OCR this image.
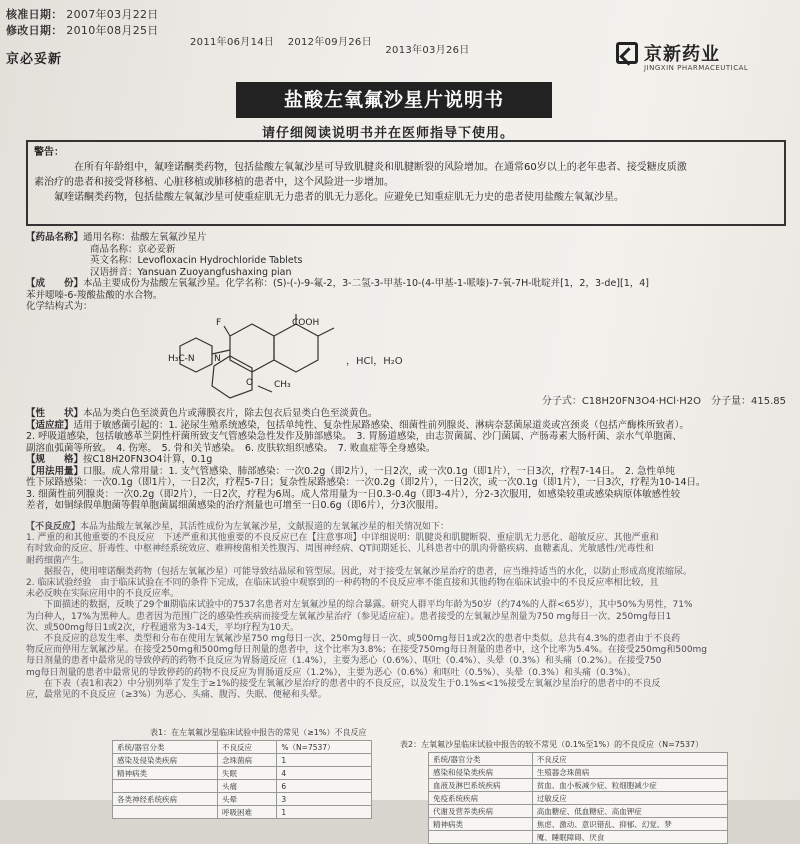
核准日期： 2007年03月22日
修改日期： 2010年08月25日
2011年06月14日 2012年09月26日 2013年03月26日
京必妥新	京新药业
JINGXIN PHARMACEUTICAL
盐酸左氧氟沙星片说明书
请仔细阅读说明书并在医师指导下使用。

警告：

在所有年龄组中，氟喹诺酮类药物，包括盐酸左氧氟沙星可导致肌腱炎和肌腱断裂的风险增加。在通常60岁以上的老年患者、接受糖皮质激

素治疗的患者和接受肾移植、心脏移植或肺移植的患者中，这个风险进一步增加。

氟喹诺酮类药物，包括盐酸左氧氟沙星可使重症肌无力患者的肌无力恶化。应避免已知重症肌无力史的患者使用盐酸左氧氟沙星。

【药品名称】通用名称：盐酸左氧氟沙星片

商品名称：京必妥新

英文名称：Levofloxacin Hydrochloride Tablets

汉语拼音：Yansuan Zuoyangfushaxing pian

【成　　份】本品主要成份为盐酸左氧氟沙星。化学名称：(S)-(-)-9-氟-2，3-二氢-3-甲基-10-(4-甲基-1-哌嗪)-7-氧-7H-吡啶并[1，2，3-de][1，4]

苯并噁嗪-6-羧酸盐酸的水合物。

化学结构式为：

F	COOH
H₃C-N N
O CH₃
，HCl，H₂O
分子式：C18H20FN3O4·HCl·H2O　分子量：415.85

【性　　状】本品为类白色至淡黄色片或薄膜衣片，除去包衣后显类白色至淡黄色。

【适应症】适用于敏感菌引起的：1. 泌尿生殖系统感染，包括单纯性、复杂性尿路感染、细菌性前列腺炎、淋病奈瑟菌尿道炎或宫颈炎（包括产酶株所致者）。

2. 呼吸道感染，包括敏感革兰阴性杆菌所致支气管感染急性发作及肺部感染。　3. 胃肠道感染，由志贺菌属、沙门菌属、产肠毒素大肠杆菌、亲水气单胞菌、

副溶血弧菌等所致。　4. 伤寒。　5. 骨和关节感染。　6. 皮肤软组织感染。　7. 败血症等全身感染。

【规　　格】按C18H20FN3O4计算，0.1g

【用法用量】口服。成人常用量：1. 支气管感染、肺部感染：一次0.2g（即2片），一日2次，或一次0.1g（即1片），一日3次，疗程7-14日。　2. 急性单纯

性下尿路感染：一次0.1g（即1片），一日2次，疗程5-7日；复杂性尿路感染：一次0.2g（即2片），一日2次，或一次0.1g（即1片），一日3次，疗程为10-14日。

3. 细菌性前列腺炎：一次0.2g（即2片），一日2次，疗程为6周。成人常用量为一日0.3-0.4g（即3-4片），分2-3次服用，如感染较重或感染病原体敏感性较

差者，如铜绿假单胞菌等假单胞菌属细菌感染的治疗剂量也可增至一日0.6g（即6片），分3次服用。

【不良反应】本品为盐酸左氧氟沙星，其活性成份为左氧氟沙星，文献报道的左氧氟沙星的相关情况如下：

1. 严重的和其他重要的不良反应　下述严重和其他重要的不良反应已在【注意事项】中详细说明：肌腱炎和肌腱断裂、重症肌无力恶化、超敏反应、其他严重和

有时致命的反应、肝毒性、中枢神经系统效应、难辨梭菌相关性腹泻、周围神经病、QT间期延长、儿科患者中的肌肉骨骼疾病、血糖紊乱、光敏感性/光毒性和

耐药细菌产生。

据报告，使用喹诺酮类药物（包括左氧氟沙星）可能导致结晶尿和管型尿。因此，对于接受左氧氟沙星治疗的患者，应当维持适当的水化，以防止形成高度浓缩尿。

2. 临床试验经验　由于临床试验在不同的条件下完成，在临床试验中观察到的一种药物的不良反应率不能直接和其他药物在临床试验中的不良反应率相比较，且

未必反映在实际应用中的不良反应率。

下面描述的数据，反映了29个Ⅲ期临床试验中的7537名患者对左氧氟沙星的综合暴露。研究人群平均年龄为50岁（约74%的人群<65岁），其中50%为男性，71%

为白种人，17%为黑种人。患者因为范围广泛的感染性疾病而接受左氧氟沙星治疗（参见适应症）。患者接受的左氧氟沙星剂量为750 mg每日一次、250mg每日1

次、或500mg每日1或2次，疗程通常为3-14天，平均疗程为10天。

不良反应的总发生率、类型和分布在使用左氧氟沙星750 mg每日一次、250mg每日一次、或500mg每日1或2次的患者中类似。总共有4.3%的患者由于不良药

物反应而停用左氧氟沙星。在接受250mg和500mg每日剂量的患者中，这个比率为3.8%；在接受750mg每日剂量的患者中，这个比率为5.4%。在接受250mg和500mg

每日剂量的患者中最常见的导致停药的药物不良反应为胃肠道反应（1.4%），主要为恶心（0.6%）、呕吐（0.4%）、头晕（0.3%）和头痛（0.2%）。在接受750

mg每日剂量的患者中最常见的导致停药的药物不良反应为胃肠道反应（1.2%），主要为恶心（0.6%）和呕吐（0.5%）、头晕（0.3%）和头痛（0.3%）。

在下表（表1和表2）中分别列举了发生于≥1%的接受左氧氟沙星治疗的患者中的不良反应，以及发生于0.1%≤<1%接受左氧氟沙星治疗的患者中的不良反

应，最常见的不良反应（≥3%）为恶心、头痛、腹泻、失眠、便秘和头晕。

表1：在左氧氟沙星临床试验中报告的常见（≥1%）不良反应
系统/器官分类	不良反应	%（N=7537）
感染及侵染类疾病	念珠菌病	1
精神病类	失眠	4
	头痛	6
各类神经系统疾病	头晕	3
	呼吸困难	1
表2：左氧氟沙星临床试验中报告的较不常见（0.1%至1%）的不良反应（N=7537）
系统/器官分类	不良反应
感染和侵染类疾病	生殖器念珠菌病
血液及淋巴系统疾病	贫血、血小板减少症、粒细胞减少症
免疫系统疾病	过敏反应
代谢及营养类疾病	高血糖症、低血糖症、高血钾症
精神病类	焦虑、激动、意识错乱、抑郁、幻觉、梦
	魇、睡眠障碍、厌食
